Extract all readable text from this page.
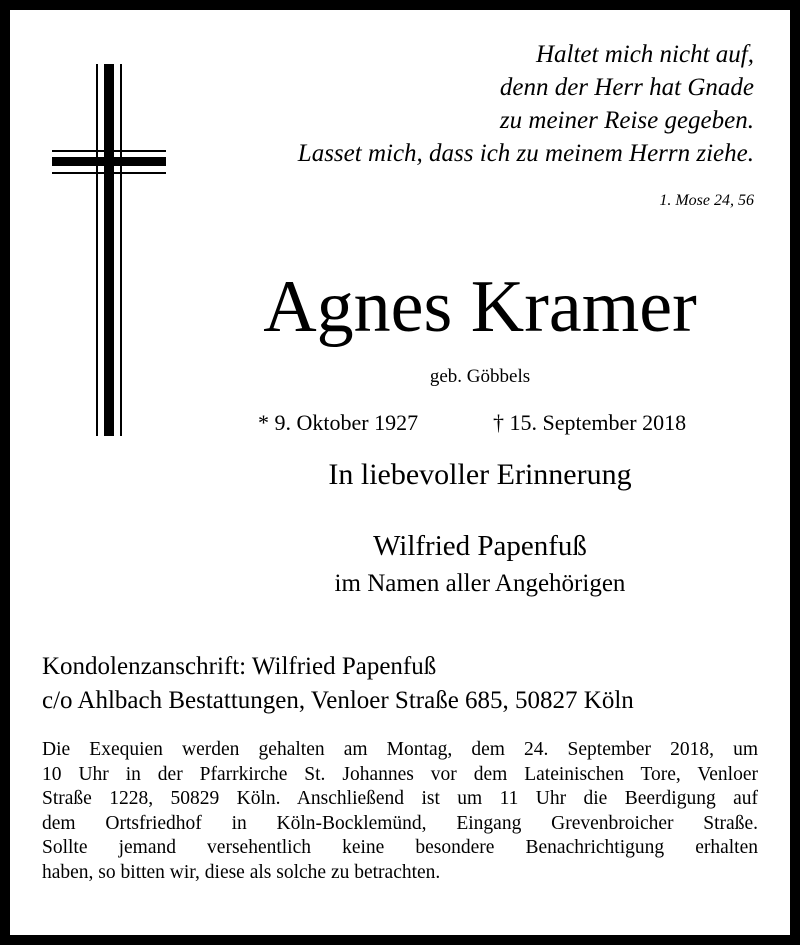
Haltet mich nicht auf,
denn der Herr hat Gnade
zu meiner Reise gegeben.
Lasset mich, dass ich zu meinem Herrn ziehe.
1. Mose 24, 56
Agnes Kramer
geb. Göbbels
* 9. Oktober 1927	† 15. September 2018
In liebevoller Erinnerung
Wilfried Papenfuß
im Namen aller Angehörigen
Kondolenzanschrift: Wilfried Papenfuß
c/o Ahlbach Bestattungen, Venloer Straße 685, 50827 Köln
Die Exequien werden gehalten am Montag, dem 24. September 2018, um
10 Uhr in der Pfarrkirche St. Johannes vor dem Lateinischen Tore, Venloer
Straße 1228, 50829 Köln. Anschließend ist um 11 Uhr die Beerdigung auf
dem Ortsfriedhof in Köln-Bocklemünd, Eingang Grevenbroicher Straße.
Sollte jemand versehentlich keine besondere Benachrichtigung erhalten
haben, so bitten wir, diese als solche zu betrachten.
